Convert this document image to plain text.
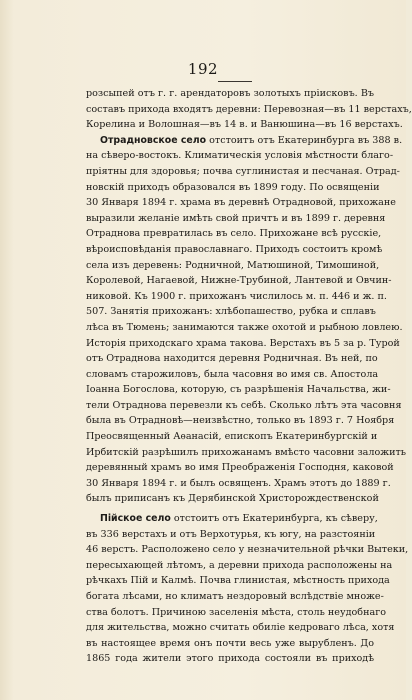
192
розсыпей отъ г. г. арендаторовъ золотыхъ пріисковъ. Въ
составъ прихода входятъ деревни: Перевозная—въ 11 верстахъ,
Корелина и Волошная—въ 14 в. и Ванюшина—въ 16 верстахъ.
Отрадновское село отстоитъ отъ Екатеринбурга въ 388 в.
на сѣверо-востокъ. Климатическія условія мѣстности благо-
пріятны для здоровья; почва суглинистая и песчаная. Отрад-
новскій приходъ образовался въ 1899 году. По освященіи
30 Января 1894 г. храма въ деревнѣ Отрадновой, прихожане
выразили желаніе имѣть свой причтъ и въ 1899 г. деревня
Отраднова превратилась въ село. Прихожане всѣ русскіе,
вѣроисповѣданія православнаго. Приходъ состоитъ кромѣ
села изъ деревень: Родничной, Матюшиной, Тимошиной,
Королевой, Нагаевой, Нижне-Трубиной, Лантевой и Овчин-
никовой. Къ 1900 г. прихожанъ числилось м. п. 446 и ж. п.
507. Занятія прихожанъ: хлѣбопашество, рубка и сплавъ
лѣса въ Тюмень; занимаются также охотой и рыбною ловлею.
Исторія приходскаго храма такова. Верстахъ въ 5 за р. Турой
отъ Отраднова находится деревня Родничная. Въ ней, по
словамъ старожиловъ, была часовня во имя св. Апостола
Іоанна Богослова, которую, съ разрѣшенія Начальства, жи-
тели Отраднова перевезли къ себѣ. Сколько лѣтъ эта часовня
была въ Отрадновѣ—неизвѣстно, только въ 1893 г. 7 Ноября
Преосвященный Аѳанасій, епископъ Екатеринбургскій и
Ирбитскій разрѣшилъ прихожанамъ вмѣсто часовни заложить
деревянный храмъ во имя Преображенія Господня, каковой
30 Января 1894 г. и былъ освященъ. Храмъ этотъ до 1889 г.
былъ приписанъ къ Дерябинской Христорождественской
Пійское село отстоитъ отъ Екатеринбурга, къ сѣверу,
въ 336 верстахъ и отъ Верхотурья, къ югу, на разстояніи
46 верстъ. Расположено село у незначительной рѣчки Вытеки,
пересыхающей лѣтомъ, а деревни прихода расположены на
рѣчкахъ Пій и Калмѣ. Почва глинистая, мѣстность прихода
богата лѣсами, но климатъ нездоровый вслѣдствіе множе-
ства болотъ. Причиною заселенія мѣста, столь неудобнаго
для жительства, можно считать обиліе кедроваго лѣса, хотя
въ настоящее время онъ почти весь уже вырубленъ. До
1865 года жители этого прихода состояли въ приходѣ
